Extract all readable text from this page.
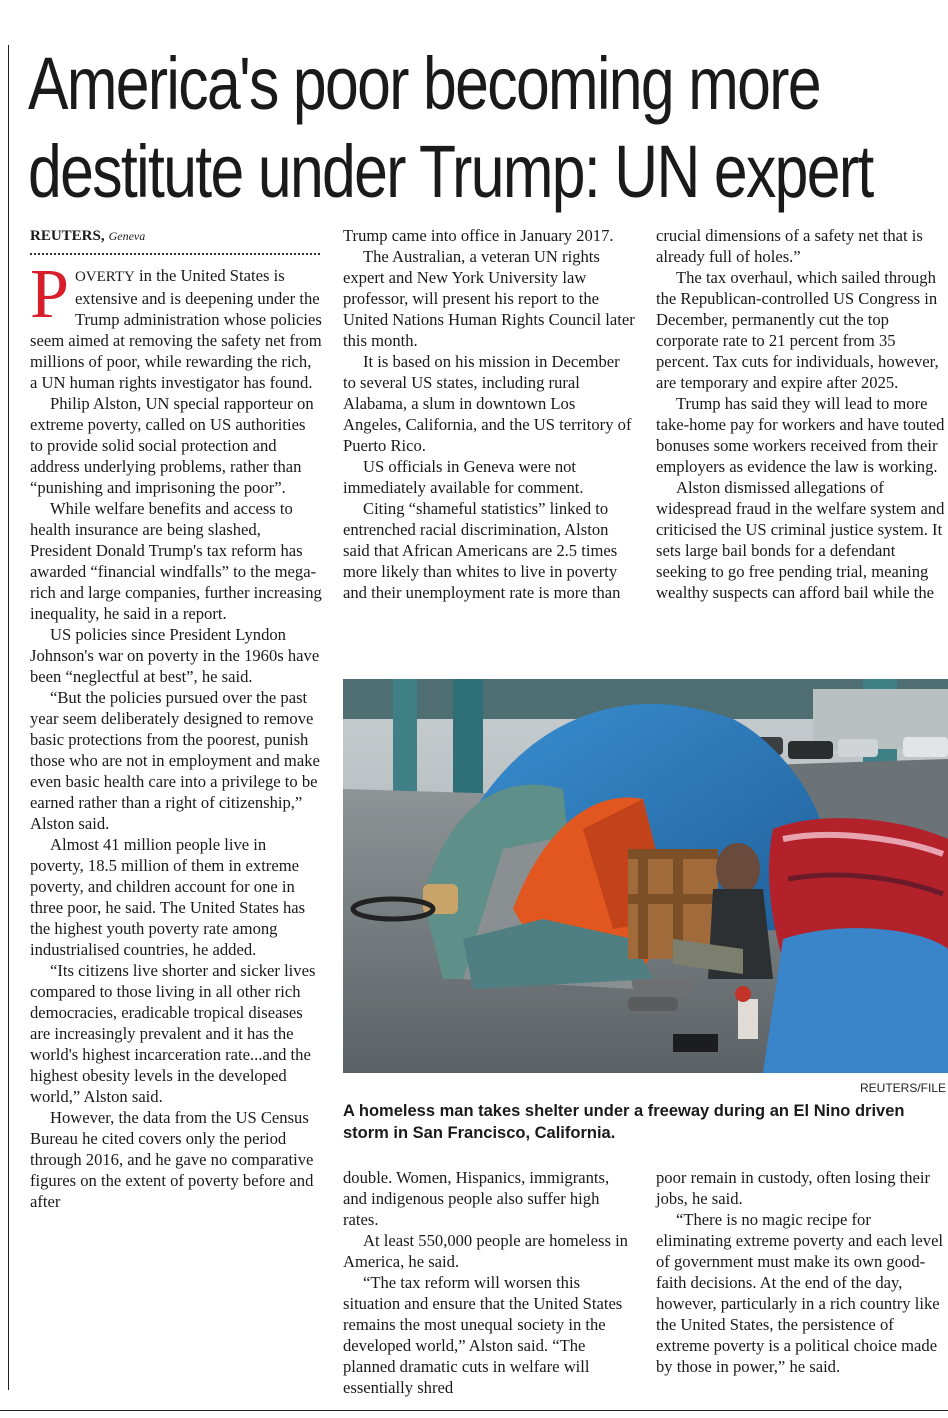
America's poor becoming more
destitute under Trump: UN expert
REUTERS, Geneva

POVERTY in the United States is extensive and is deepening under the Trump administration whose policies seem aimed at removing the safety net from millions of poor, while rewarding the rich, a UN human rights investigator has found.

Philip Alston, UN special rapporteur on extreme poverty, called on US authorities to provide solid social protection and address underlying problems, rather than “punishing and imprisoning the poor”.

While welfare benefits and access to health insurance are being slashed, President Donald Trump's tax reform has awarded “financial windfalls” to the mega-rich and large companies, further increasing inequality, he said in a report.

US policies since President Lyndon Johnson's war on poverty in the 1960s have been “neglectful at best”, he said.

“But the policies pursued over the past year seem deliberately designed to remove basic protections from the poorest, punish those who are not in employment and make even basic health care into a privilege to be earned rather than a right of citizenship,” Alston said.

Almost 41 million people live in poverty, 18.5 million of them in extreme poverty, and children account for one in three poor, he said. The United States has the highest youth poverty rate among industrialised countries, he added.

“Its citizens live shorter and sicker lives compared to those living in all other rich democracies, eradicable tropical diseases are increasingly prevalent and it has the world's highest incarceration rate...and the highest obesity levels in the developed world,” Alston said.

However, the data from the US Census Bureau he cited covers only the period through 2016, and he gave no comparative figures on the extent of poverty before and after

Trump came into office in January 2017.

The Australian, a veteran UN rights expert and New York University law professor, will present his report to the United Nations Human Rights Council later this month.

It is based on his mission in December to several US states, including rural Alabama, a slum in downtown Los Angeles, California, and the US territory of Puerto Rico.

US officials in Geneva were not immediately available for comment.

Citing “shameful statistics” linked to entrenched racial discrimination, Alston said that African Americans are 2.5 times more likely than whites to live in poverty and their unemployment rate is more than

crucial dimensions of a safety net that is already full of holes.”

The tax overhaul, which sailed through the Republican-controlled US Congress in December, permanently cut the top corporate rate to 21 percent from 35 percent. Tax cuts for individuals, however, are temporary and expire after 2025.

Trump has said they will lead to more take-home pay for workers and have touted bonuses some workers received from their employers as evidence the law is working.

Alston dismissed allegations of widespread fraud in the welfare system and criticised the US criminal justice system. It sets large bail bonds for a defendant seeking to go free pending trial, meaning wealthy suspects can afford bail while the

REUTERS/FILE
A homeless man takes shelter under a freeway during an El Nino driven storm in San Francisco, California.

double. Women, Hispanics, immigrants, and indigenous people also suffer high rates.

At least 550,000 people are homeless in America, he said.

“The tax reform will worsen this situation and ensure that the United States remains the most unequal society in the developed world,” Alston said. “The planned dramatic cuts in welfare will essentially shred

poor remain in custody, often losing their jobs, he said.

“There is no magic recipe for eliminating extreme poverty and each level of government must make its own good-faith decisions. At the end of the day, however, particularly in a rich country like the United States, the persistence of extreme poverty is a political choice made by those in power,” he said.
